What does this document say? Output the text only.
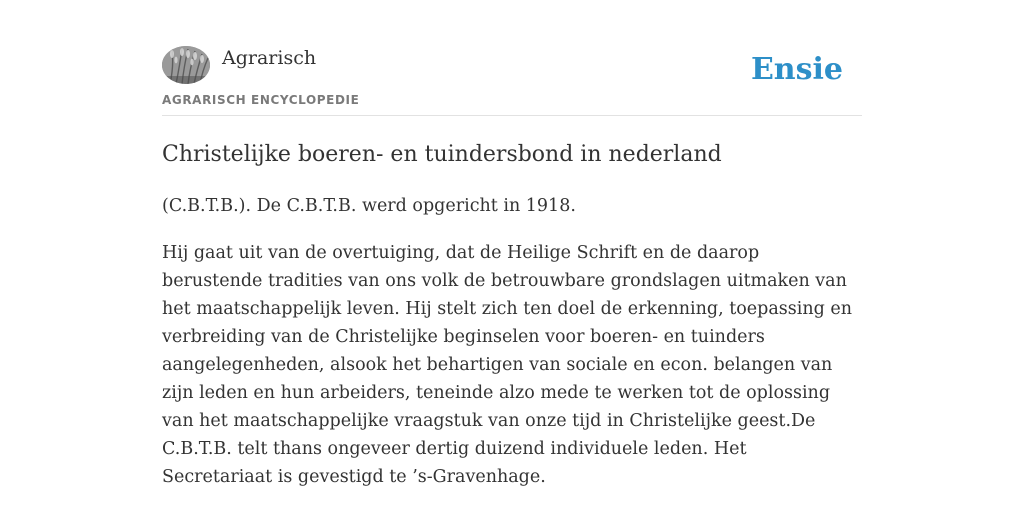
Agrarisch
AGRARISCH ENCYCLOPEDIE
Ensie
Christelijke boeren- en tuindersbond in nederland

(C.B.T.B.). De C.B.T.B. werd opgericht in 1918.

Hij gaat uit van de overtuiging, dat de Heilige Schrift en de daarop berustende tradities van ons volk de betrouwbare grondslagen uitmaken van het maatschappelijk leven. Hij stelt zich ten doel de erkenning, toepassing en verbreiding van de Christelijke beginselen voor boeren- en tuinders aangelegenheden, alsook het behartigen van sociale en econ. belangen van zijn leden en hun arbeiders, teneinde alzo mede te werken tot de oplossing van het maatschappelijke vraagstuk van onze tijd in Christelijke geest.De C.B.T.B. telt thans ongeveer dertig duizend individuele leden. Het Secretariaat is gevestigd te ’s-Gravenhage.
